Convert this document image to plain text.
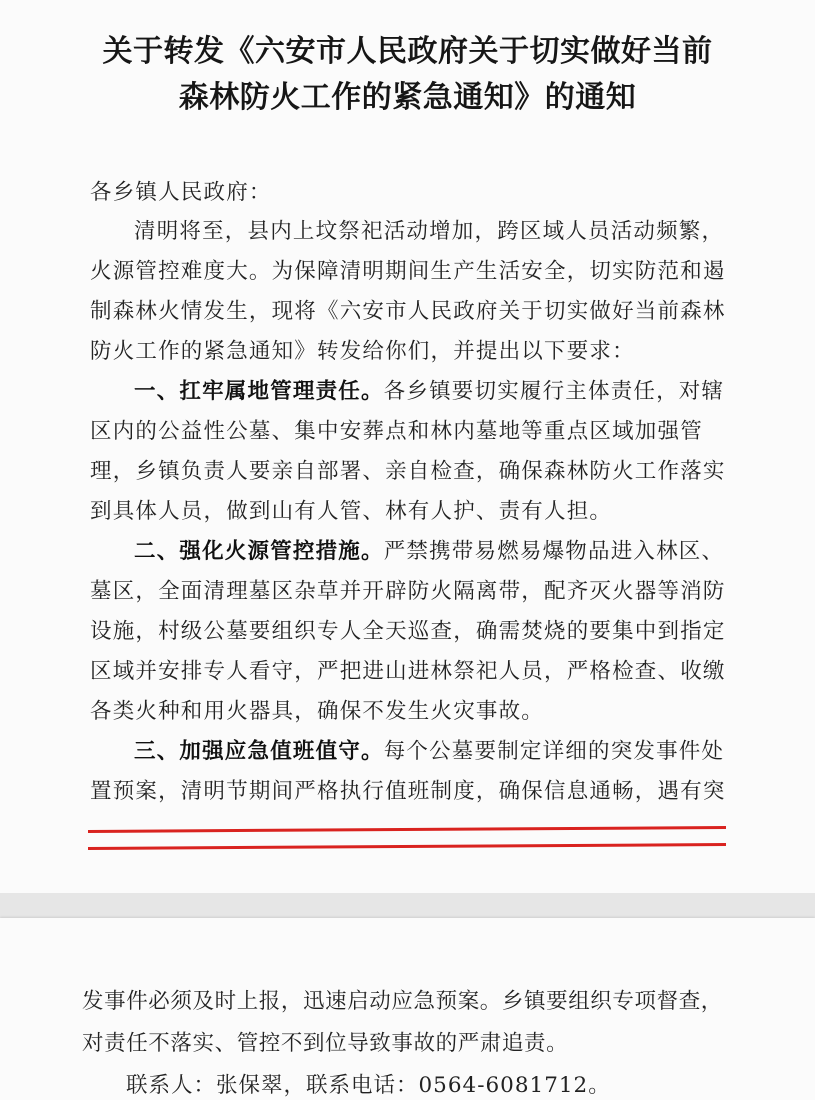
关于转发《六安市人民政府关于切实做好当前
森林防火工作的紧急通知》的通知
各乡镇人民政府：
清明将至，县内上坟祭祀活动增加，跨区域人员活动频繁，
火源管控难度大。为保障清明期间生产生活安全，切实防范和遏
制森林火情发生，现将《六安市人民政府关于切实做好当前森林
防火工作的紧急通知》转发给你们，并提出以下要求：
一、扛牢属地管理责任。各乡镇要切实履行主体责任，对辖
区内的公益性公墓、集中安葬点和林内墓地等重点区域加强管
理，乡镇负责人要亲自部署、亲自检查，确保森林防火工作落实
到具体人员，做到山有人管、林有人护、责有人担。
二、强化火源管控措施。严禁携带易燃易爆物品进入林区、
墓区，全面清理墓区杂草并开辟防火隔离带，配齐灭火器等消防
设施，村级公墓要组织专人全天巡查，确需焚烧的要集中到指定
区域并安排专人看守，严把进山进林祭祀人员，严格检查、收缴
各类火种和用火器具，确保不发生火灾事故。
三、加强应急值班值守。每个公墓要制定详细的突发事件处
置预案，清明节期间严格执行值班制度，确保信息通畅，遇有突
发事件必须及时上报，迅速启动应急预案。乡镇要组织专项督查，
对责任不落实、管控不到位导致事故的严肃追责。
联系人：张保翠，联系电话：0564-6081712。
